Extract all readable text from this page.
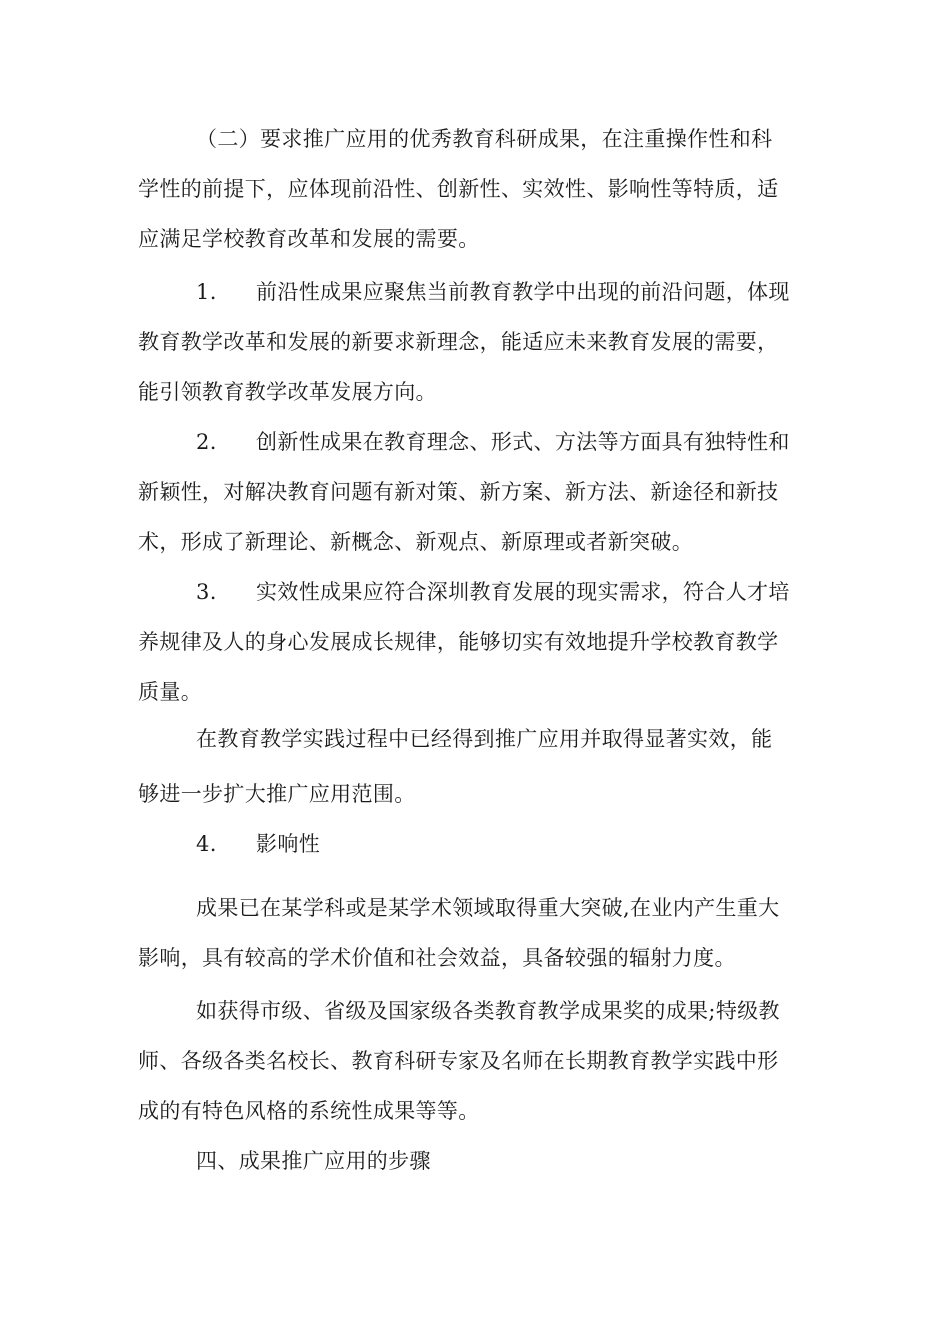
（二）要求推广应用的优秀教育科研成果，在注重操作性和科
学性的前提下，应体现前沿性、创新性、实效性、影响性等特质，适
应满足学校教育改革和发展的需要。
1. 前沿性成果应聚焦当前教育教学中出现的前沿问题，体现
教育教学改革和发展的新要求新理念，能适应未来教育发展的需要，
能引领教育教学改革发展方向。
2. 创新性成果在教育理念、形式、方法等方面具有独特性和
新颖性，对解决教育问题有新对策、新方案、新方法、新途径和新技
术，形成了新理论、新概念、新观点、新原理或者新突破。
3. 实效性成果应符合深圳教育发展的现实需求，符合人才培
养规律及人的身心发展成长规律，能够切实有效地提升学校教育教学
质量。
在教育教学实践过程中已经得到推广应用并取得显著实效，能
够进一步扩大推广应用范围。
4. 影响性
成果已在某学科或是某学术领域取得重大突破,在业内产生重大
影响，具有较高的学术价值和社会效益，具备较强的辐射力度。
如获得市级、省级及国家级各类教育教学成果奖的成果;特级教
师、各级各类名校长、教育科研专家及名师在长期教育教学实践中形
成的有特色风格的系统性成果等等。
四、成果推广应用的步骤
